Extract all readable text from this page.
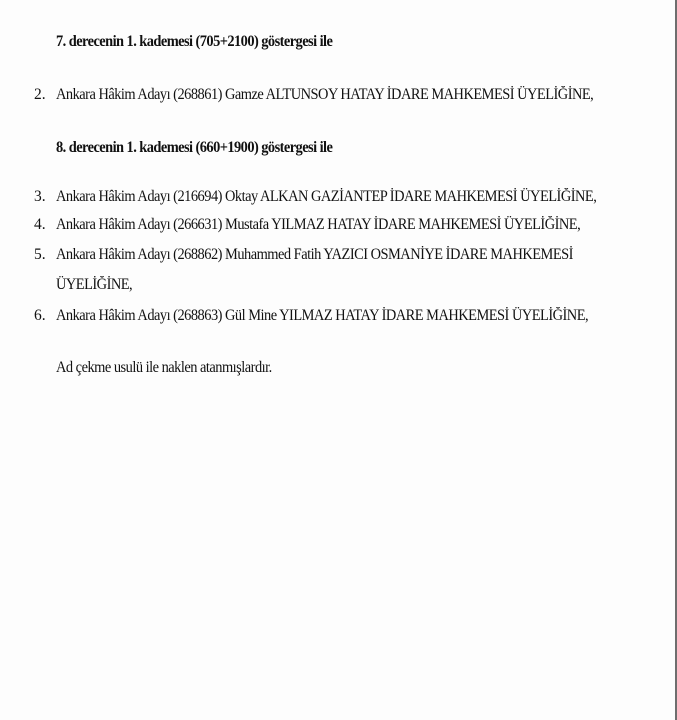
7. derecenin 1. kademesi (705+2100) göstergesi ile
2. Ankara Hâkim Adayı (268861) Gamze ALTUNSOY HATAY İDARE MAHKEMESİ ÜYELİĞİNE,
8. derecenin 1. kademesi (660+1900) göstergesi ile
3. Ankara Hâkim Adayı (216694) Oktay ALKAN GAZİANTEP İDARE MAHKEMESİ ÜYELİĞİNE,
4. Ankara Hâkim Adayı (266631) Mustafa YILMAZ HATAY İDARE MAHKEMESİ ÜYELİĞİNE,
5. Ankara Hâkim Adayı (268862) Muhammed Fatih YAZICI OSMANİYE İDARE MAHKEMESİ
ÜYELİĞİNE,
6. Ankara Hâkim Adayı (268863) Gül Mine YILMAZ HATAY İDARE MAHKEMESİ ÜYELİĞİNE,
Ad çekme usulü ile naklen atanmışlardır.
